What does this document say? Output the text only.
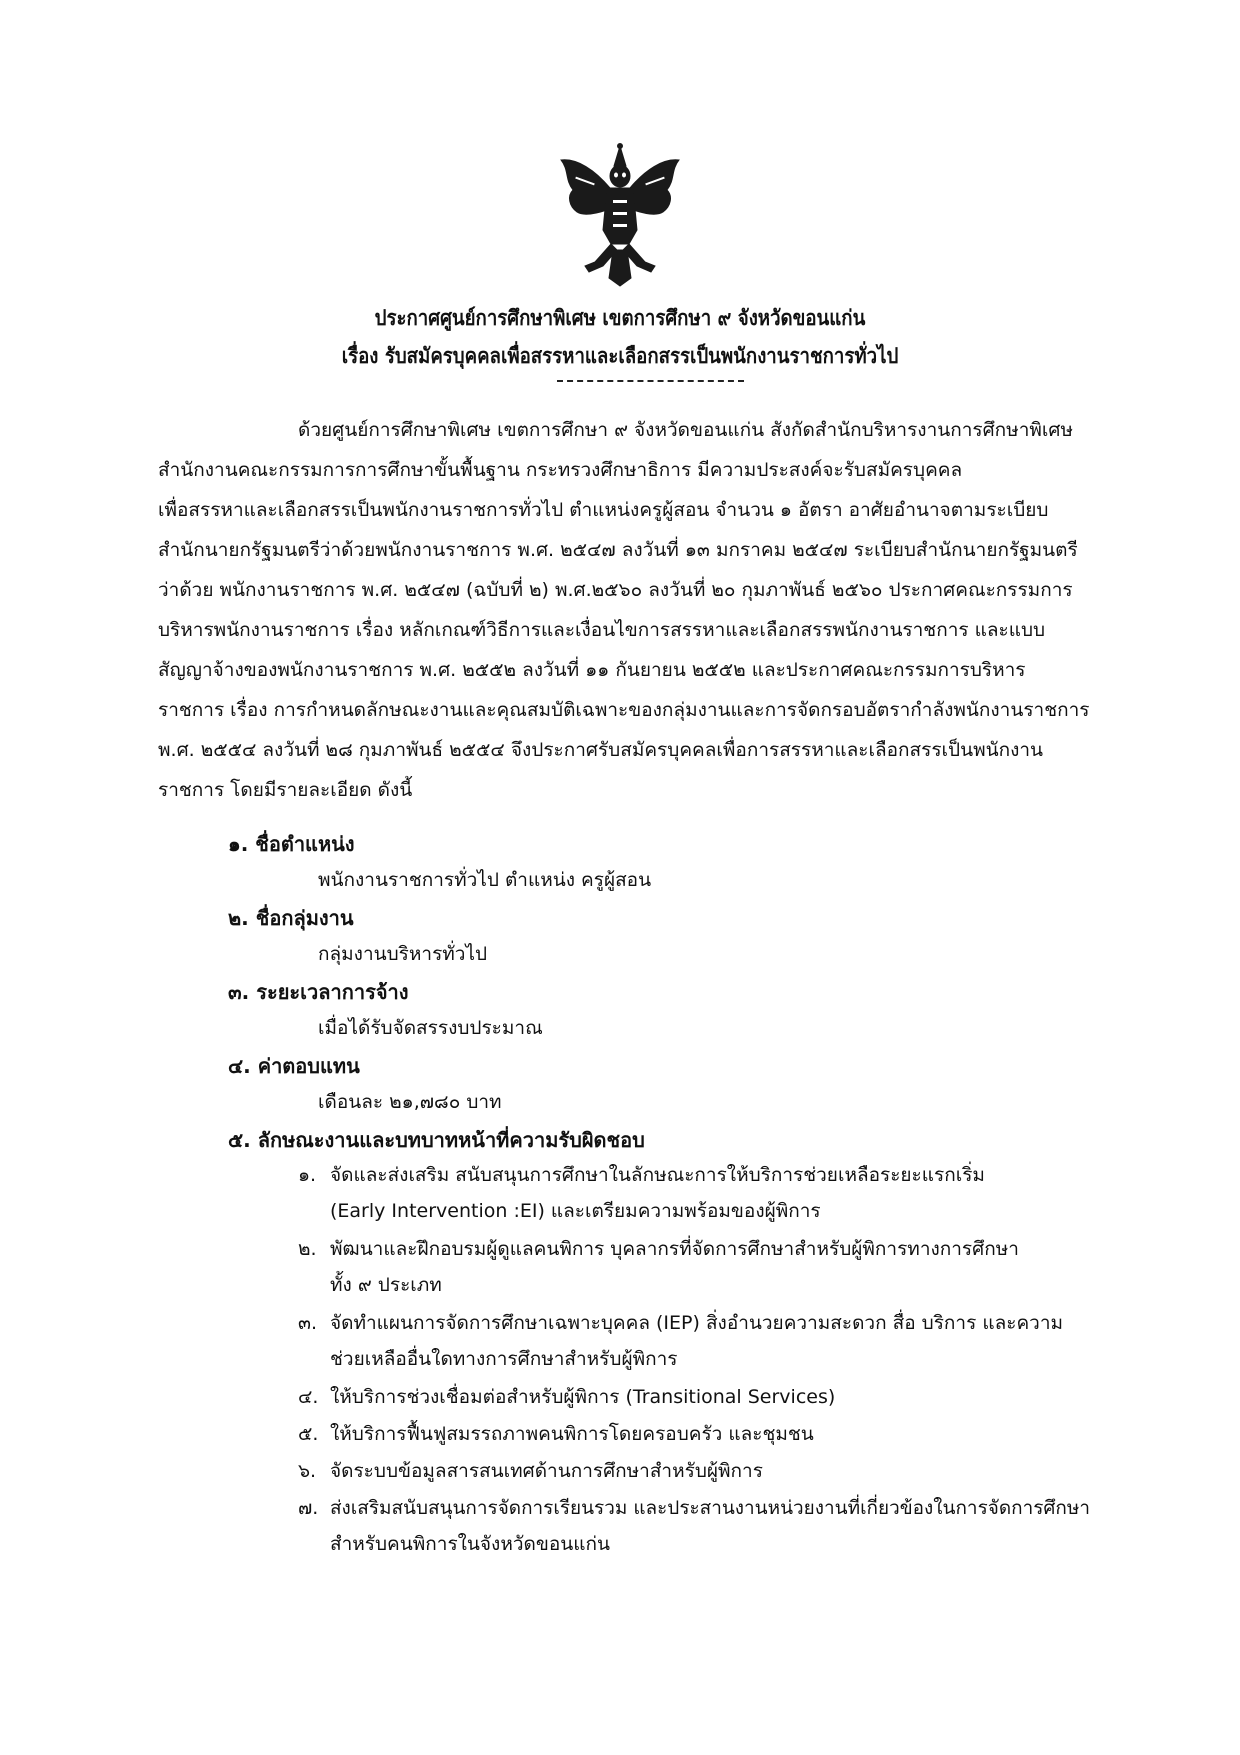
ประกาศศูนย์การศึกษาพิเศษ เขตการศึกษา ๙ จังหวัดขอนแก่น
เรื่อง รับสมัครบุคคลเพื่อสรรหาและเลือกสรรเป็นพนักงานราชการทั่วไป
ด้วยศูนย์การศึกษาพิเศษ เขตการศึกษา ๙ จังหวัดขอนแก่น สังกัดสำนักบริหารงานการศึกษาพิเศษ
สำนักงานคณะกรรมการการศึกษาขั้นพื้นฐาน กระทรวงศึกษาธิการ มีความประสงค์จะรับสมัครบุคคล
เพื่อสรรหาและเลือกสรรเป็นพนักงานราชการทั่วไป ตำแหน่งครูผู้สอน จำนวน ๑ อัตรา อาศัยอำนาจตามระเบียบ
สำนักนายกรัฐมนตรีว่าด้วยพนักงานราชการ พ.ศ. ๒๕๔๗ ลงวันที่ ๑๓ มกราคม ๒๕๔๗ ระเบียบสำนักนายกรัฐมนตรี
ว่าด้วย พนักงานราชการ พ.ศ. ๒๕๔๗ (ฉบับที่ ๒) พ.ศ.๒๕๖๐ ลงวันที่ ๒๐ กุมภาพันธ์ ๒๕๖๐ ประกาศคณะกรรมการ
บริหารพนักงานราชการ เรื่อง หลักเกณฑ์วิธีการและเงื่อนไขการสรรหาและเลือกสรรพนักงานราชการ และแบบ
สัญญาจ้างของพนักงานราชการ พ.ศ. ๒๕๕๒ ลงวันที่ ๑๑ กันยายน ๒๕๕๒ และประกาศคณะกรรมการบริหาร
ราชการ เรื่อง การกำหนดลักษณะงานและคุณสมบัติเฉพาะของกลุ่มงานและการจัดกรอบอัตรากำลังพนักงานราชการ
พ.ศ. ๒๕๕๔ ลงวันที่ ๒๘ กุมภาพันธ์ ๒๕๕๔ จึงประกาศรับสมัครบุคคลเพื่อการสรรหาและเลือกสรรเป็นพนักงาน
ราชการ โดยมีรายละเอียด ดังนี้
๑. ชื่อตำแหน่ง
พนักงานราชการทั่วไป ตำแหน่ง ครูผู้สอน
๒. ชื่อกลุ่มงาน
กลุ่มงานบริหารทั่วไป
๓. ระยะเวลาการจ้าง
เมื่อได้รับจัดสรรงบประมาณ
๔. ค่าตอบแทน
เดือนละ ๒๑,๗๘๐ บาท
๕. ลักษณะงานและบทบาทหน้าที่ความรับผิดชอบ
๑. จัดและส่งเสริม สนับสนุนการศึกษาในลักษณะการให้บริการช่วยเหลือระยะแรกเริ่ม
(Early Intervention :EI) และเตรียมความพร้อมของผู้พิการ
๒. พัฒนาและฝึกอบรมผู้ดูแลคนพิการ บุคลากรที่จัดการศึกษาสำหรับผู้พิการทางการศึกษา
ทั้ง ๙ ประเภท
๓. จัดทำแผนการจัดการศึกษาเฉพาะบุคคล (IEP) สิ่งอำนวยความสะดวก สื่อ บริการ และความ
ช่วยเหลืออื่นใดทางการศึกษาสำหรับผู้พิการ
๔. ให้บริการช่วงเชื่อมต่อสำหรับผู้พิการ (Transitional Services)
๕. ให้บริการฟื้นฟูสมรรถภาพคนพิการโดยครอบครัว และชุมชน
๖. จัดระบบข้อมูลสารสนเทศด้านการศึกษาสำหรับผู้พิการ
๗. ส่งเสริมสนับสนุนการจัดการเรียนรวม และประสานงานหน่วยงานที่เกี่ยวข้องในการจัดการศึกษา
สำหรับคนพิการในจังหวัดขอนแก่น
